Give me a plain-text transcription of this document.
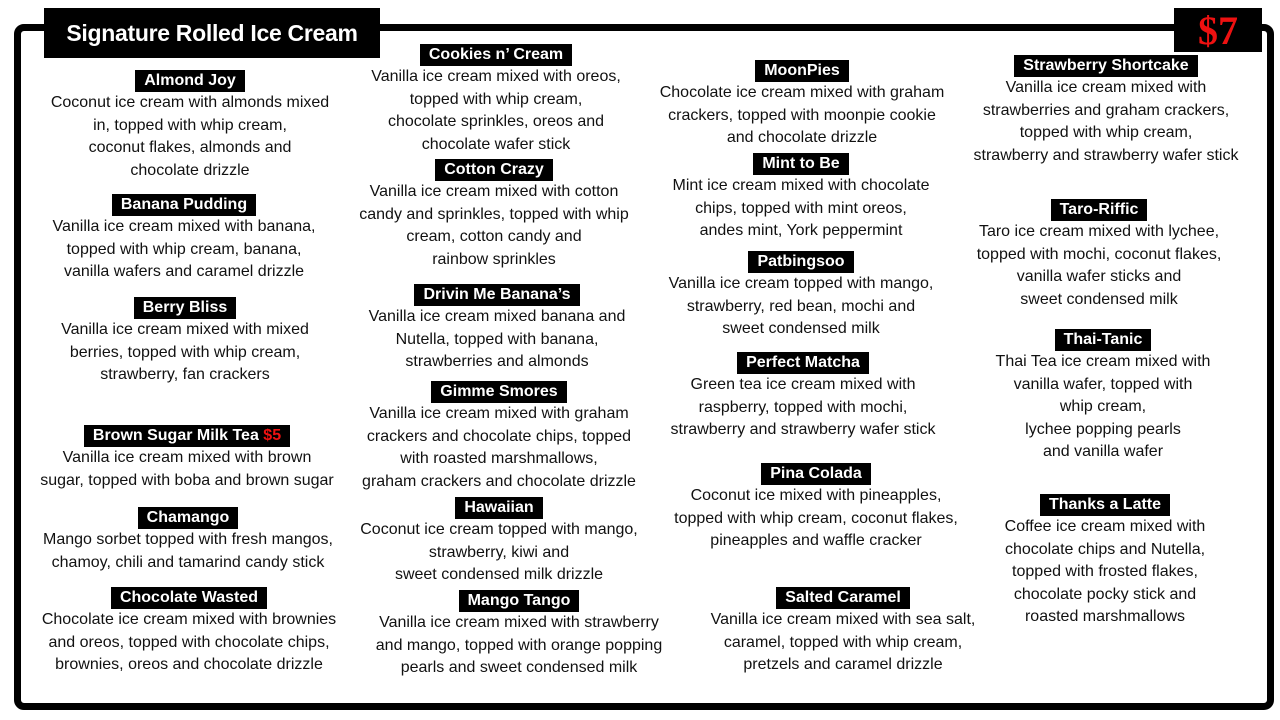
Signature Rolled Ice Cream	$7
Almond Joy

Coconut ice cream with almonds mixed

in, topped with whip cream,

coconut flakes, almonds and

chocolate drizzle

Banana Pudding

Vanilla ice cream mixed with banana,

topped with whip cream, banana,

vanilla wafers and caramel drizzle

Berry Bliss

Vanilla ice cream mixed with mixed

berries, topped with whip cream,

strawberry, fan crackers

Brown Sugar Milk Tea $5

Vanilla ice cream mixed with brown

sugar, topped with boba and brown sugar

Chamango

Mango sorbet topped with fresh mangos,

chamoy, chili and tamarind candy stick

Chocolate Wasted

Chocolate ice cream mixed with brownies

and oreos, topped with chocolate chips,

brownies, oreos and chocolate drizzle

Cookies n’ Cream

Vanilla ice cream mixed with oreos,

topped with whip cream,

chocolate sprinkles, oreos and

chocolate wafer stick

Cotton Crazy

Vanilla ice cream mixed with cotton

candy and sprinkles, topped with whip

cream, cotton candy and

rainbow sprinkles

Drivin Me Banana’s

Vanilla ice cream mixed banana and

Nutella, topped with banana,

strawberries and almonds

Gimme Smores

Vanilla ice cream mixed with graham

crackers and chocolate chips, topped

with roasted marshmallows,

graham crackers and chocolate drizzle

Hawaiian

Coconut ice cream topped with mango,

strawberry, kiwi and

sweet condensed milk drizzle

Mango Tango

Vanilla ice cream mixed with strawberry

and mango, topped with orange popping

pearls and sweet condensed milk

MoonPies

Chocolate ice cream mixed with graham

crackers, topped with moonpie cookie

and chocolate drizzle

Mint to Be

Mint ice cream mixed with chocolate

chips, topped with mint oreos,

andes mint, York peppermint

Patbingsoo

Vanilla ice cream topped with mango,

strawberry, red bean, mochi and

sweet condensed milk

Perfect Matcha

Green tea ice cream mixed with

raspberry, topped with mochi,

strawberry and strawberry wafer stick

Pina Colada

Coconut ice mixed with pineapples,

topped with whip cream, coconut flakes,

pineapples and waffle cracker

Salted Caramel

Vanilla ice cream mixed with sea salt,

caramel, topped with whip cream,

pretzels and caramel drizzle

Strawberry Shortcake

Vanilla ice cream mixed with

strawberries and graham crackers,

topped with whip cream,

strawberry and strawberry wafer stick

Taro-Riffic

Taro ice cream mixed with lychee,

topped with mochi, coconut flakes,

vanilla wafer sticks and

sweet condensed milk

Thai-Tanic

Thai Tea ice cream mixed with

vanilla wafer, topped with

whip cream,

lychee popping pearls

and vanilla wafer

Thanks a Latte

Coffee ice cream mixed with

chocolate chips and Nutella,

topped with frosted flakes,

chocolate pocky stick and

roasted marshmallows
